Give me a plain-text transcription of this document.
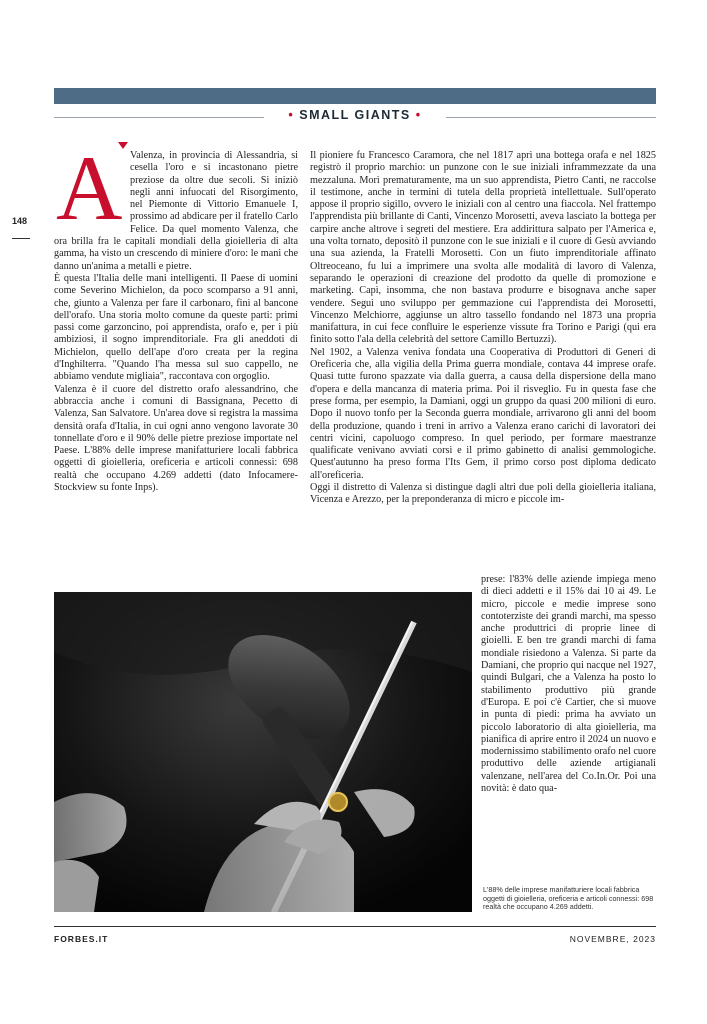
• SMALL GIANTS •
148 A Valenza, in provincia di Alessandria, si cesella l'oro e si incastonano pietre preziose da oltre due secoli. Si iniziò negli anni infuocati del Risorgimento, nel Piemonte di Vittorio Emanuele I, prossimo ad abdicare per il fratello Carlo Felice. Da quel momento Valenza, che ora brilla fra le capitali mondiali della gioielleria di alta gamma, ha visto un crescendo di miniere d'oro: le mani che danno un'anima a metalli e pietre.

È questa l'Italia delle mani intelligenti. Il Paese di uomini come Severino Michielon, da poco scomparso a 91 anni, che, giunto a Valenza per fare il carbonaro, finì al bancone dell'orafo. Una storia molto comune da queste parti: primi passi come garzoncino, poi apprendista, orafo e, per i più ambiziosi, il sogno imprenditoriale. Fra gli aneddoti di Michielon, quello dell'ape d'oro creata per la regina d'Inghilterra. "Quando l'ha messa sul suo cappello, ne abbiamo vendute migliaia", raccontava con orgoglio.

Valenza è il cuore del distretto orafo alessandrino, che abbraccia anche i comuni di Bassignana, Pecetto di Valenza, San Salvatore. Un'area dove si registra la massima densità orafa d'Italia, in cui ogni anno vengono lavorate 30 tonnellate d'oro e il 90% delle pietre preziose importate nel Paese. L'88% delle imprese manifatturiere locali fabbrica oggetti di gioielleria, oreficeria e articoli connessi: 698 realtà che occupano 4.269 addetti (dato Infocamere-Stockview su fonte Inps).

Il pioniere fu Francesco Caramora, che nel 1817 aprì una bottega orafa e nel 1825 registrò il proprio marchio: un punzone con le sue iniziali inframmezzate da una mezzaluna. Morì prematuramente, ma un suo apprendista, Pietro Canti, ne raccolse il testimone, anche in termini di tutela della proprietà intellettuale. Sull'operato appose il proprio sigillo, ovvero le iniziali con al centro una fiaccola. Nel frattempo l'apprendista più brillante di Canti, Vincenzo Morosetti, aveva lasciato la bottega per carpire anche altrove i segreti del mestiere. Era addirittura salpato per l'America e, una volta tornato, depositò il punzone con le sue iniziali e il cuore di Gesù avviando una sua azienda, la Fratelli Morosetti. Con un fiuto imprenditoriale affinato Oltreoceano, fu lui a imprimere una svolta alle modalità di lavoro di Valenza, separando le operazioni di creazione del prodotto da quelle di promozione e marketing. Capì, insomma, che non bastava produrre e bisognava anche saper vendere. Seguì uno sviluppo per gemmazione cui l'apprendista dei Morosetti, Vincenzo Melchiorre, aggiunse un altro tassello fondando nel 1873 una propria manifattura, in cui fece confluire le esperienze vissute fra Torino e Parigi (qui era finito sotto l'ala della celebrità del settore Camillo Bertuzzi).

Nel 1902, a Valenza veniva fondata una Cooperativa di Produttori di Generi di Oreficeria che, alla vigilia della Prima guerra mondiale, contava 44 imprese orafe. Quasi tutte furono spazzate via dalla guerra, a causa della dispersione della mano d'opera e della mancanza di materia prima. Poi il risveglio. Fu in questa fase che prese forma, per esempio, la Damiani, oggi un gruppo da quasi 200 milioni di euro. Dopo il nuovo tonfo per la Seconda guerra mondiale, arrivarono gli anni del boom della produzione, quando i treni in arrivo a Valenza erano carichi di lavoratori dei centri vicini, capoluogo compreso. In quel periodo, per formare maestranze qualificate venivano avviati corsi e il primo gabinetto di analisi gemmologiche. Quest'autunno ha preso forma l'Its Gem, il primo corso post diploma dedicato all'oreficeria.

Oggi il distretto di Valenza si distingue dagli altri due poli della gioielleria italiana, Vicenza e Arezzo, per la preponderanza di micro e piccole im-

prese: l'83% delle aziende impiega meno di dieci addetti e il 15% dai 10 ai 49. Le micro, piccole e medie imprese sono contoterziste dei grandi marchi, ma spesso anche produttrici di proprie linee di gioielli. E ben tre grandi marchi di fama mondiale risiedono a Valenza. Si parte da Damiani, che proprio qui nacque nel 1927, quindi Bulgari, che a Valenza ha posto lo stabilimento produttivo più grande d'Europa. E poi c'è Cartier, che si muove in punta di piedi: prima ha avviato un piccolo laboratorio di alta gioielleria, ma pianifica di aprire entro il 2024 un nuovo e modernissimo stabilimento orafo nel cuore produttivo delle aziende artigianali valenzane, nell'area del Co.In.Or. Poi una novità: è dato qua-

L'88% delle imprese manifatturiere locali fabbrica oggetti di gioielleria, oreficeria e articoli connessi: 698 realtà che occupano 4.269 addetti.
FORBES.IT	NOVEMBRE, 2023
